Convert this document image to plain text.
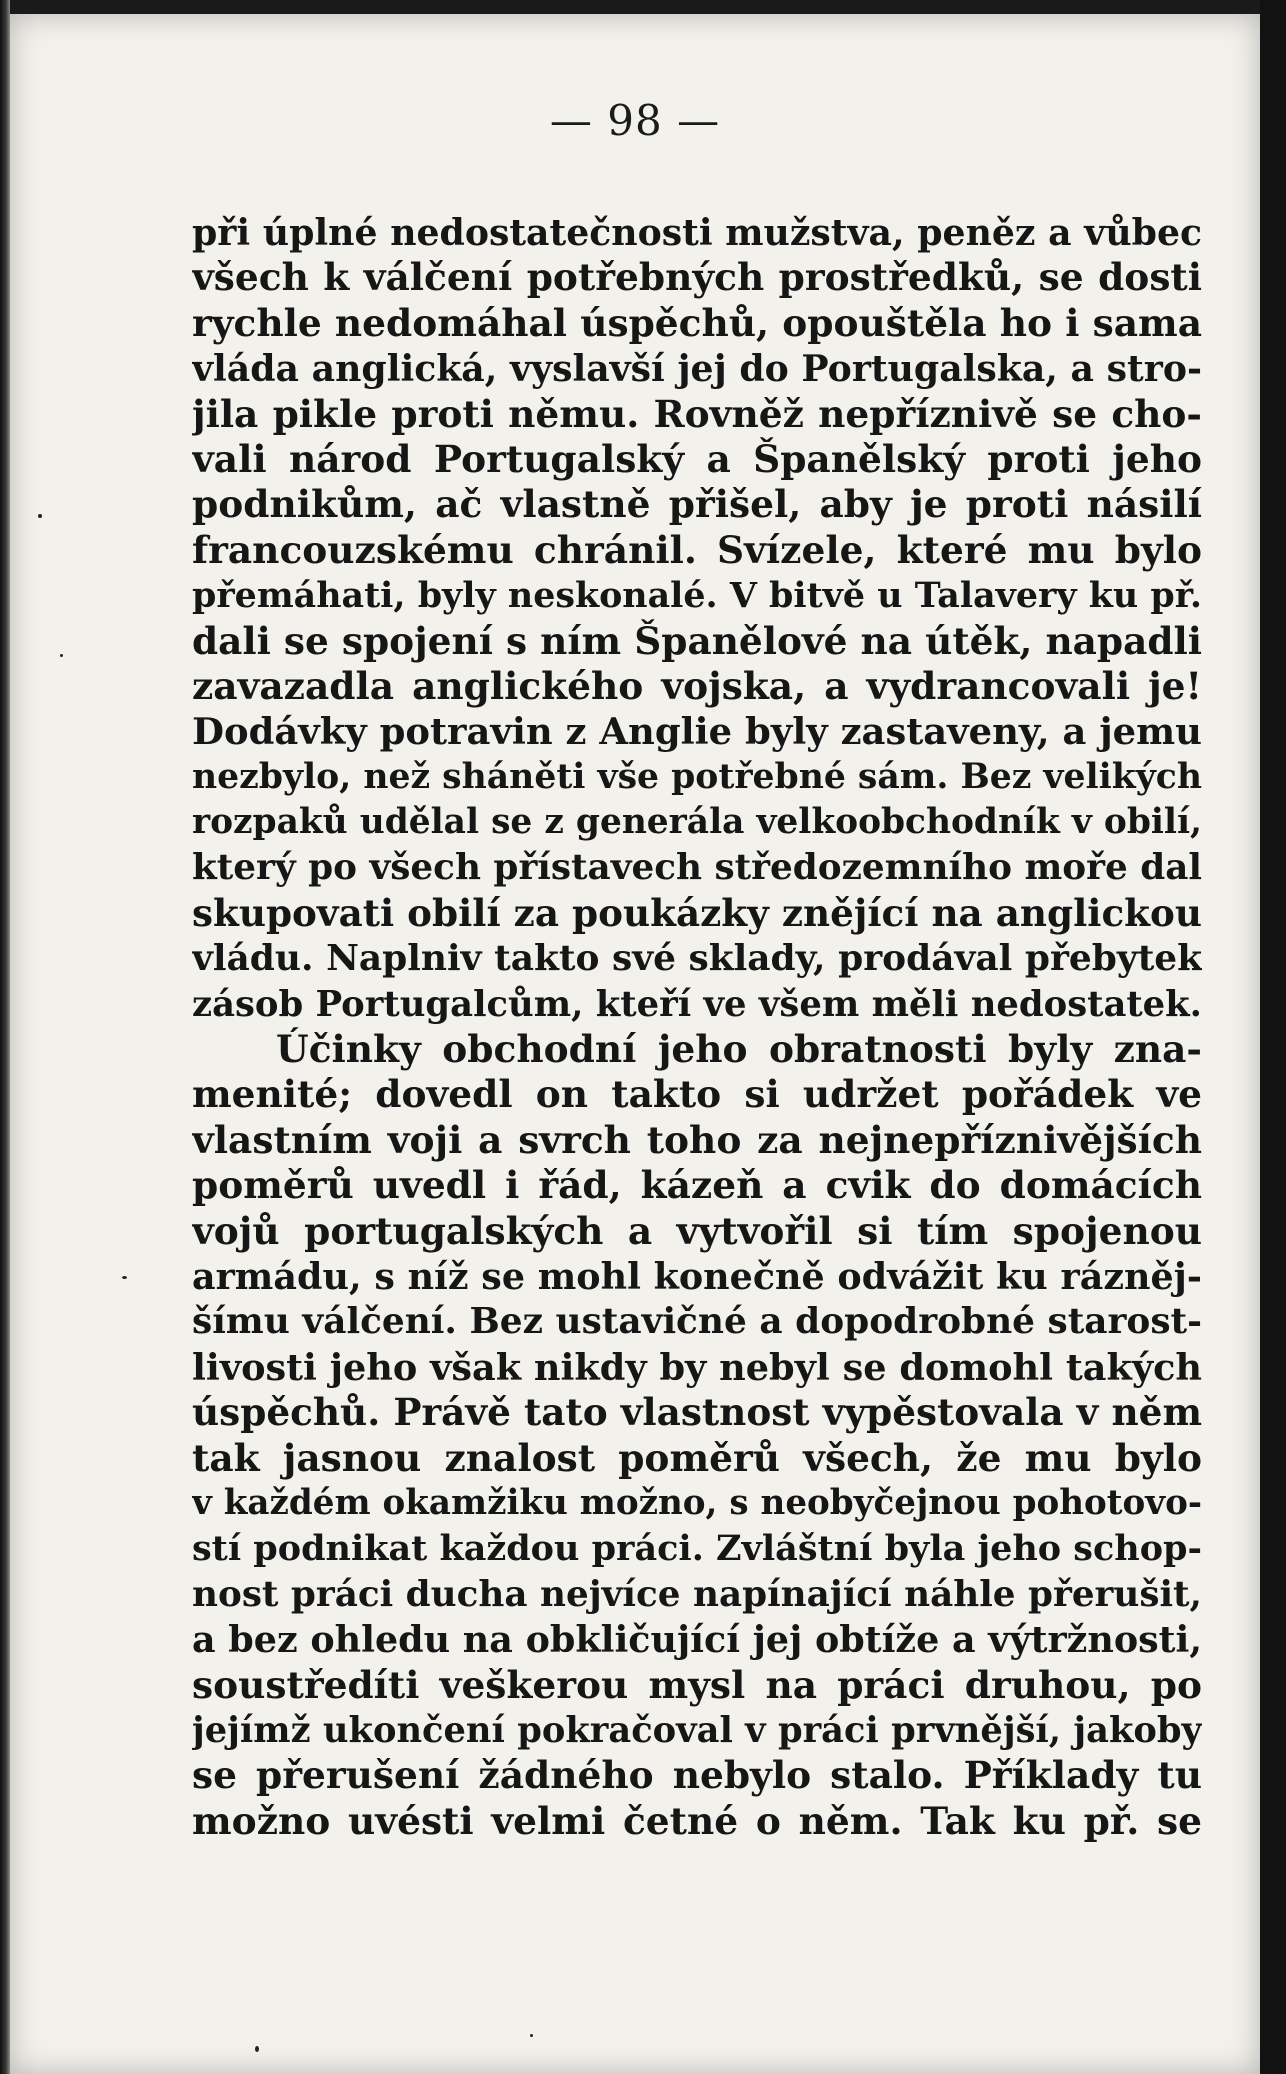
— 98 —
při úplné nedostatečnosti mužstva, peněz a vůbec
všech k válčení potřebných prostředků, se dosti
rychle nedomáhal úspěchů, opouštěla ho i sama
vláda anglická, vyslavší jej do Portugalska, a stro-
jila pikle proti němu. Rovněž nepříznivě se cho-
vali národ Portugalský a Španělský proti jeho
podnikům, ač vlastně přišel, aby je proti násilí
francouzskému chránil. Svízele, které mu bylo
přemáhati, byly neskonalé. V bitvě u Talavery ku př.
dali se spojení s ním Španělové na útěk, napadli
zavazadla anglického vojska, a vydrancovali je!
Dodávky potravin z Anglie byly zastaveny, a jemu
nezbylo, než sháněti vše potřebné sám. Bez velikých
rozpaků udělal se z generála velkoobchodník v obilí,
který po všech přístavech středozemního moře dal
skupovati obilí za poukázky znějící na anglickou
vládu. Naplniv takto své sklady, prodával přebytek
zásob Portugalcům, kteří ve všem měli nedostatek.
Účinky obchodní jeho obratnosti byly zna-
menité; dovedl on takto si udržet pořádek ve
vlastním voji a svrch toho za nejnepříznivějších
poměrů uvedl i řád, kázeň a cvik do domácích
vojů portugalských a vytvořil si tím spojenou
armádu, s níž se mohl konečně odvážit ku rázněj-
šímu válčení. Bez ustavičné a dopodrobné starost-
livosti jeho však nikdy by nebyl se domohl takých
úspěchů. Právě tato vlastnost vypěstovala v něm
tak jasnou znalost poměrů všech, že mu bylo
v každém okamžiku možno, s neobyčejnou pohotovo-
stí podnikat každou práci. Zvláštní byla jeho schop-
nost práci ducha nejvíce napínající náhle přerušit,
a bez ohledu na obkličující jej obtíže a výtržnosti,
soustředíti veškerou mysl na práci druhou, po
jejímž ukončení pokračoval v práci prvnější, jakoby
se přerušení žádného nebylo stalo. Příklady tu
možno uvésti velmi četné o něm. Tak ku př. se
